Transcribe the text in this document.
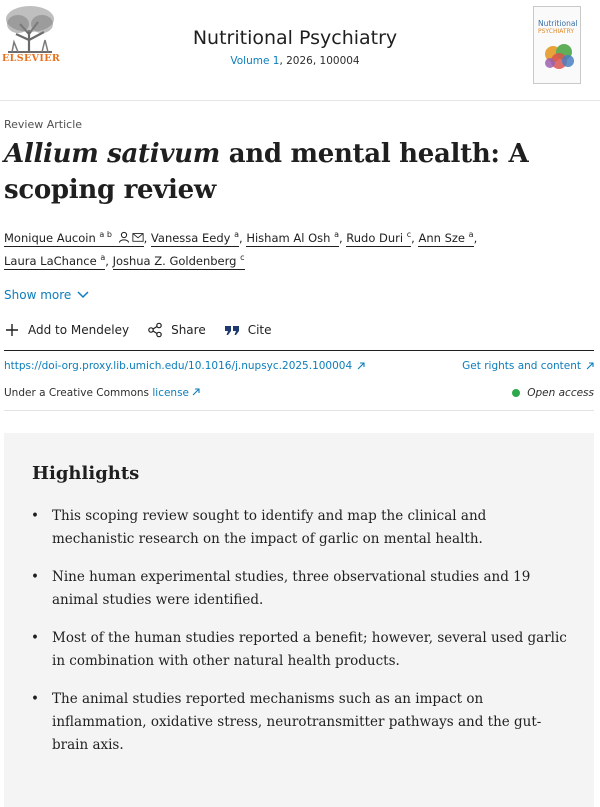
ELSEVIER
Nutritional Psychiatry
Volume 1, 2026, 100004
Nutritional
PSYCHIATRY
Review Article
Allium sativum and mental health: A scoping review
Monique Aucoin $^{a b}$	, Vanessa Eedy $^a$, Hisham Al Osh $^a$, Rudo Duri $^c$, Ann Sze $^a$,
Laura LaChance $^a$, Joshua Z. Goldenberg $^c$
Show more
Add to Mendeley	Share	Cite
https://doi-org.proxy.lib.umich.edu/10.1016/j.nupsyc.2025.100004	Get rights and content
Under a Creative Commons license	Open access
Highlights
• This scoping review sought to identify and map the clinical and mechanistic research on the impact of garlic on mental health.
• Nine human experimental studies, three observational studies and 19 animal studies were identified.
• Most of the human studies reported a benefit; however, several used garlic in combination with other natural health products.
• The animal studies reported mechanisms such as an impact on inflammation, oxidative stress, neurotransmitter pathways and the gut-brain axis.
